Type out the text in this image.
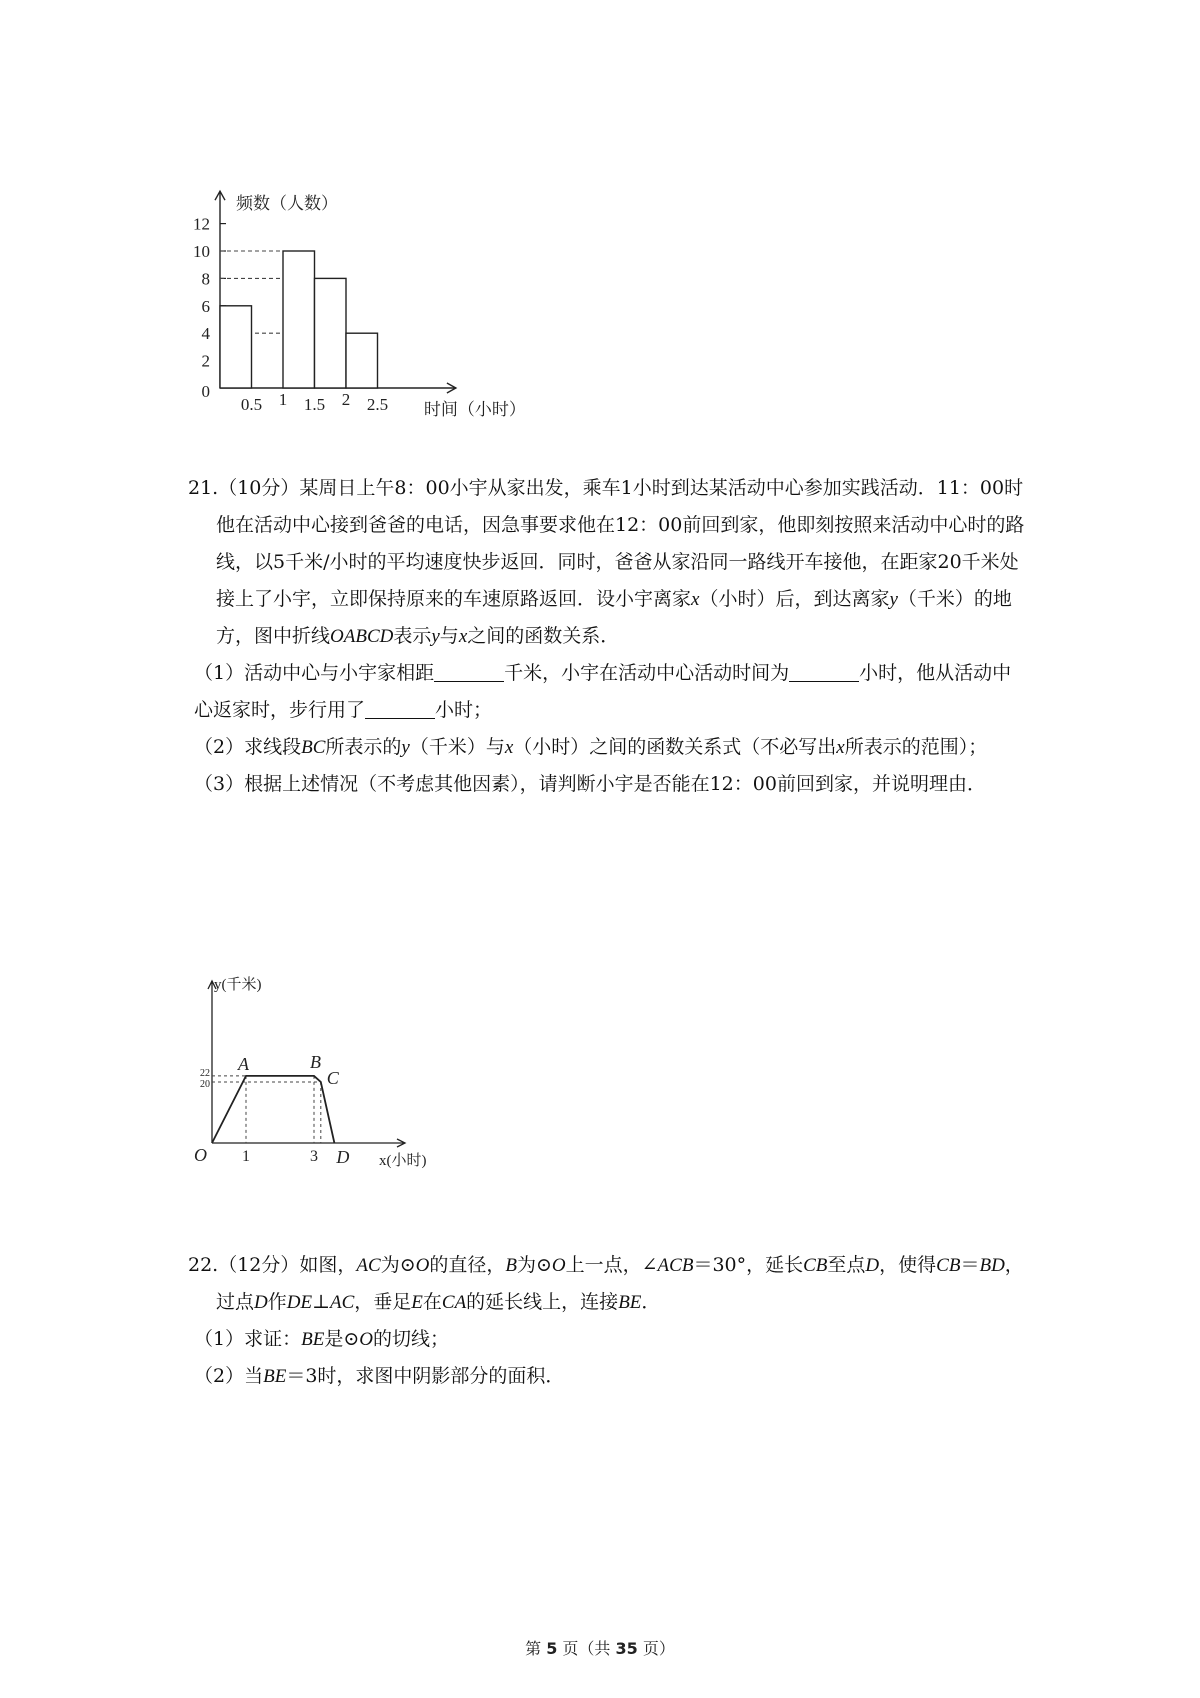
0
2
4
6
8
10
12
0.5 1 1.5 2 2.5
频数（人数）
时间（小时）

21.（10分）某周日上午8：00小宇从家出发，乘车1小时到达某活动中心参加实践活动．11：00时他在活动中心接到爸爸的电话，因急事要求他在12：00前回到家，他即刻按照来活动中心时的路线，以5千米/小时的平均速度快步返回．同时，爸爸从家沿同一路线开车接他，在距家20千米处接上了小宇，立即保持原来的车速原路返回．设小宇离家x（小时）后，到达离家y（千米）的地方，图中折线OABCD表示y与x之间的函数关系．

（1）活动中心与小宇家相距	千米，小宇在活动中心活动时间为	小时，他从活动中心返家时，步行用了	小时；

（2）求线段BC所表示的y（千米）与x（小时）之间的函数关系式（不必写出x所表示的范围）；

（3）根据上述情况（不考虑其他因素），请判断小宇是否能在12：00前回到家，并说明理由．

O
A	B
C
D
1	3
22
20
y(千米)
x(小时)

22.（12分）如图，AC为⊙O的直径，B为⊙O上一点，∠ACB＝30°，延长CB至点D，使得CB＝BD，过点D作DE⊥AC，垂足E在CA的延长线上，连接BE．

（1）求证：BE是⊙O的切线；

（2）当BE＝3时，求图中阴影部分的面积．

第 5 页（共 35 页）
